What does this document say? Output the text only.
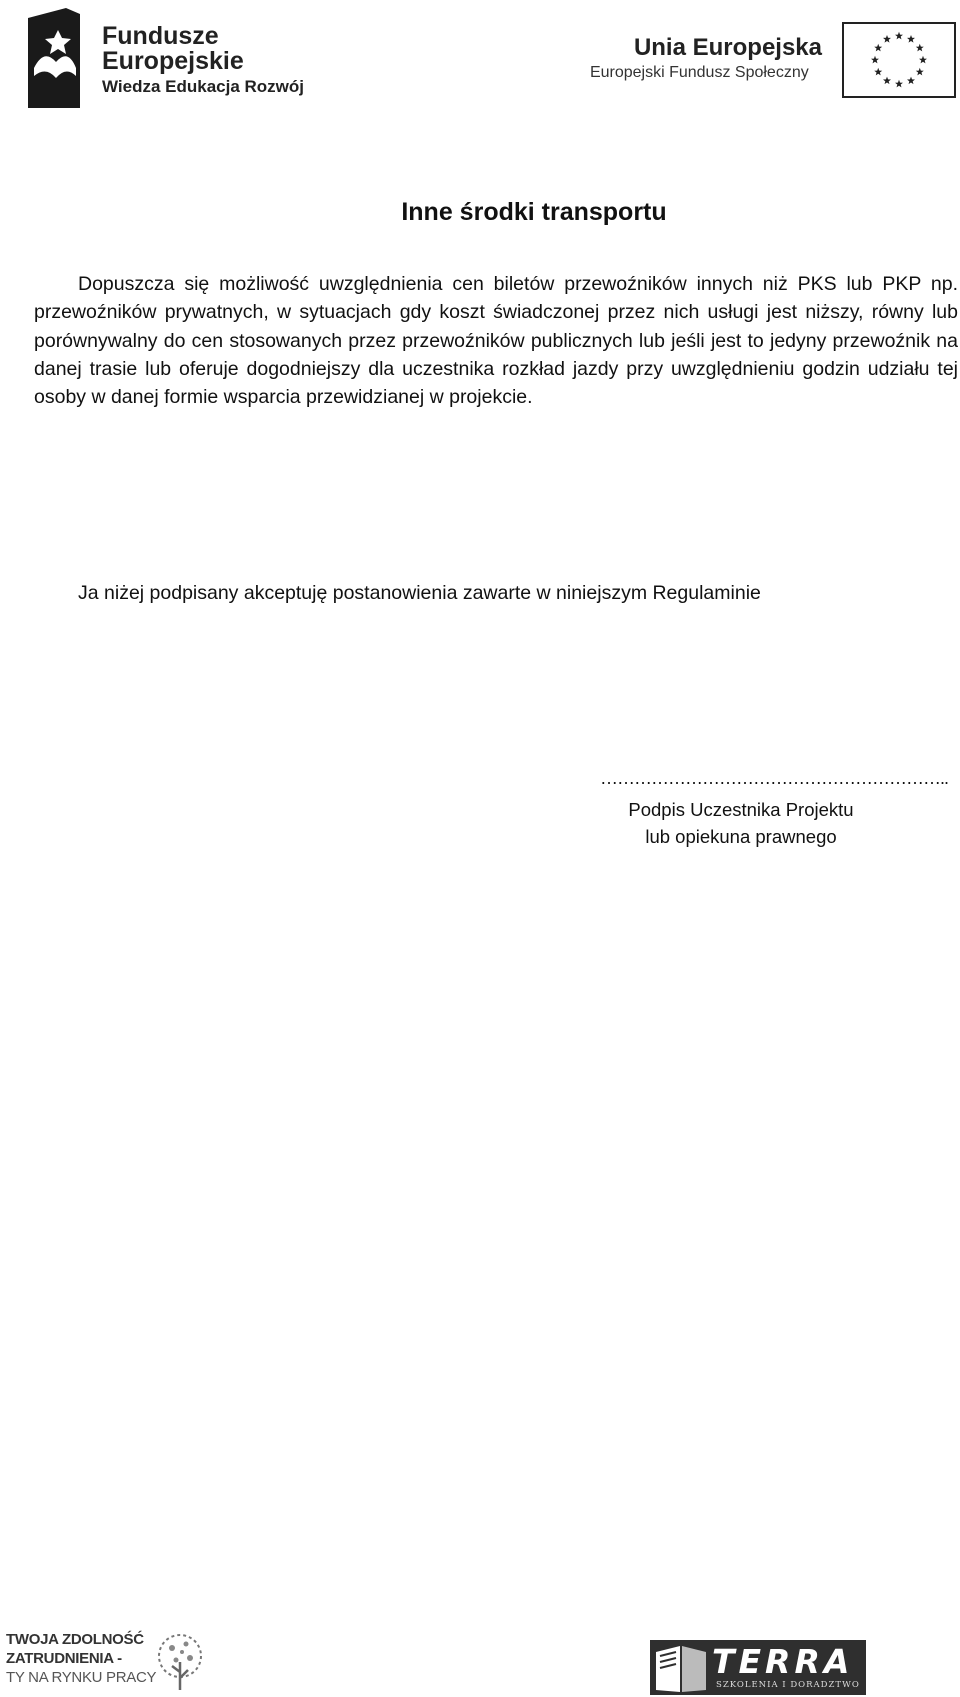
Fundusze
Europejskie
Wiedza Edukacja Rozwój
Unia Europejska
Europejski Fundusz Społeczny
Inne środki transportu

Dopuszcza się możliwość uwzględnienia cen biletów przewoźników innych niż PKS lub PKP np. przewoźników prywatnych, w sytuacjach gdy koszt świadczonej przez nich usługi jest niższy, równy lub porównywalny do cen stosowanych przez przewoźników publicznych lub jeśli jest to jedyny przewoźnik na danej trasie lub oferuje dogodniejszy dla uczestnika rozkład jazdy przy uwzględnieniu godzin udziału tej osoby w danej formie wsparcia przewidzianej w projekcie.

Ja niżej podpisany akceptuję postanowienia zawarte w niniejszym Regulaminie

……………………………………………………..
Podpis Uczestnika Projektu
lub opiekuna prawnego
TWOJA ZDOLNOŚĆ
ZATRUDNIENIA -
TY NA RYNKU PRACY	TERRA
SZKOLENIA I DORADZTWO
